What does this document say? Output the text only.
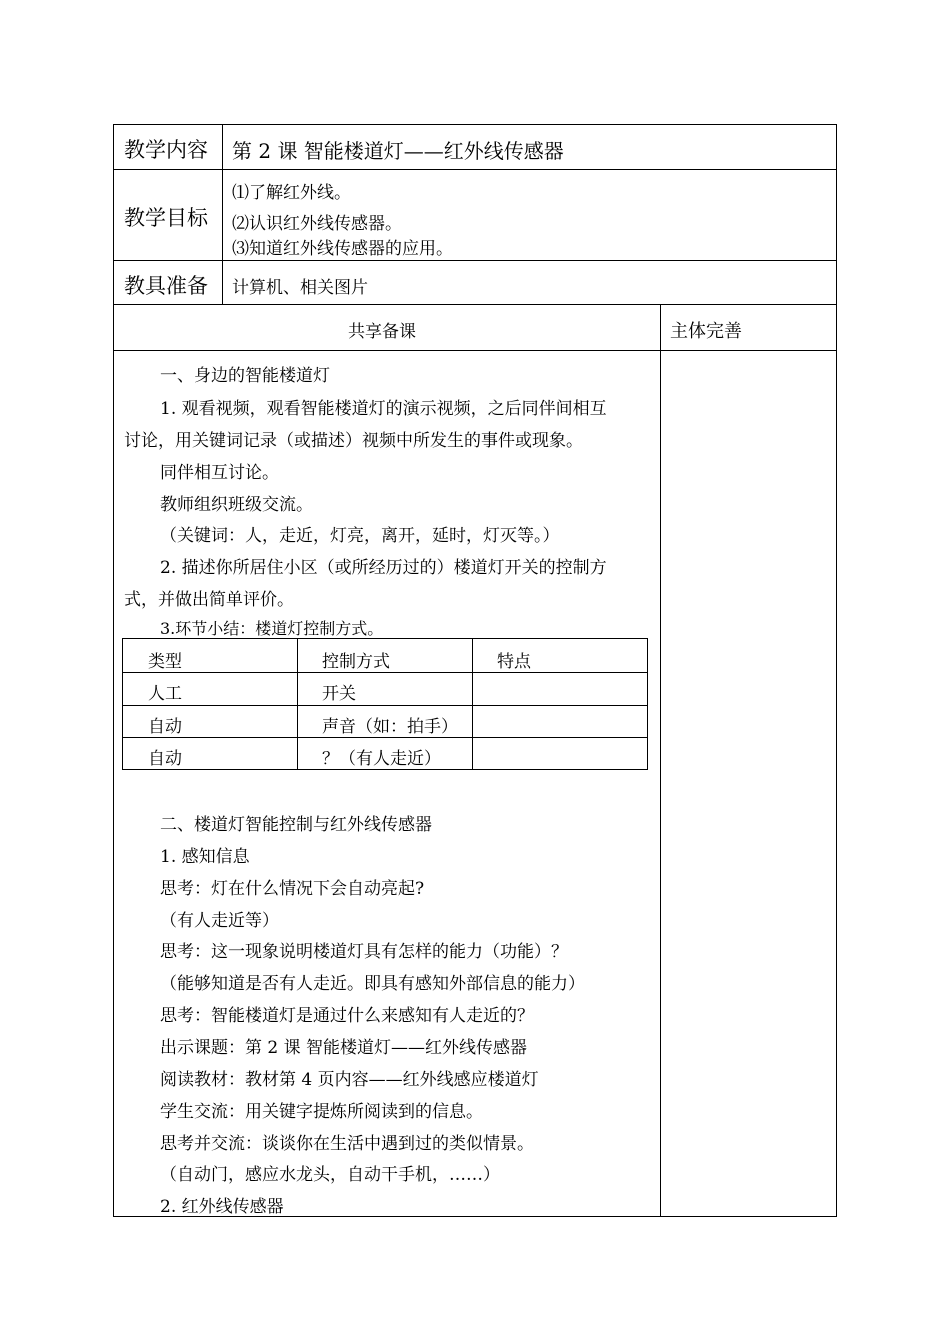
教学内容 第 2 课 智能楼道灯——红外线传感器
教学目标
⑴了解红外线。
⑵认识红外线传感器。
⑶知道红外线传感器的应用。
教具准备 计算机、相关图片
共享备课	主体完善
一、身边的智能楼道灯
1. 观看视频，观看智能楼道灯的演示视频，之后同伴间相互
讨论，用关键词记录（或描述）视频中所发生的事件或现象。
同伴相互讨论。
教师组织班级交流。
（关键词：人，走近，灯亮，离开，延时，灯灭等。）
2. 描述你所居住小区（或所经历过的）楼道灯开关的控制方
式，并做出简单评价。
3.环节小结：楼道灯控制方式。
类型	控制方式	特点
人工	开关
自动	声音（如：拍手）
自动	？（有人走近）
二、楼道灯智能控制与红外线传感器
1. 感知信息
思考：灯在什么情况下会自动亮起?
（有人走近等）
思考：这一现象说明楼道灯具有怎样的能力（功能）？
（能够知道是否有人走近。即具有感知外部信息的能力）
思考：智能楼道灯是通过什么来感知有人走近的？
出示课题：第 2 课 智能楼道灯——红外线传感器
阅读教材：教材第 4 页内容——红外线感应楼道灯
学生交流：用关键字提炼所阅读到的信息。
思考并交流：谈谈你在生活中遇到过的类似情景。
（自动门，感应水龙头，自动干手机，……）
2. 红外线传感器
